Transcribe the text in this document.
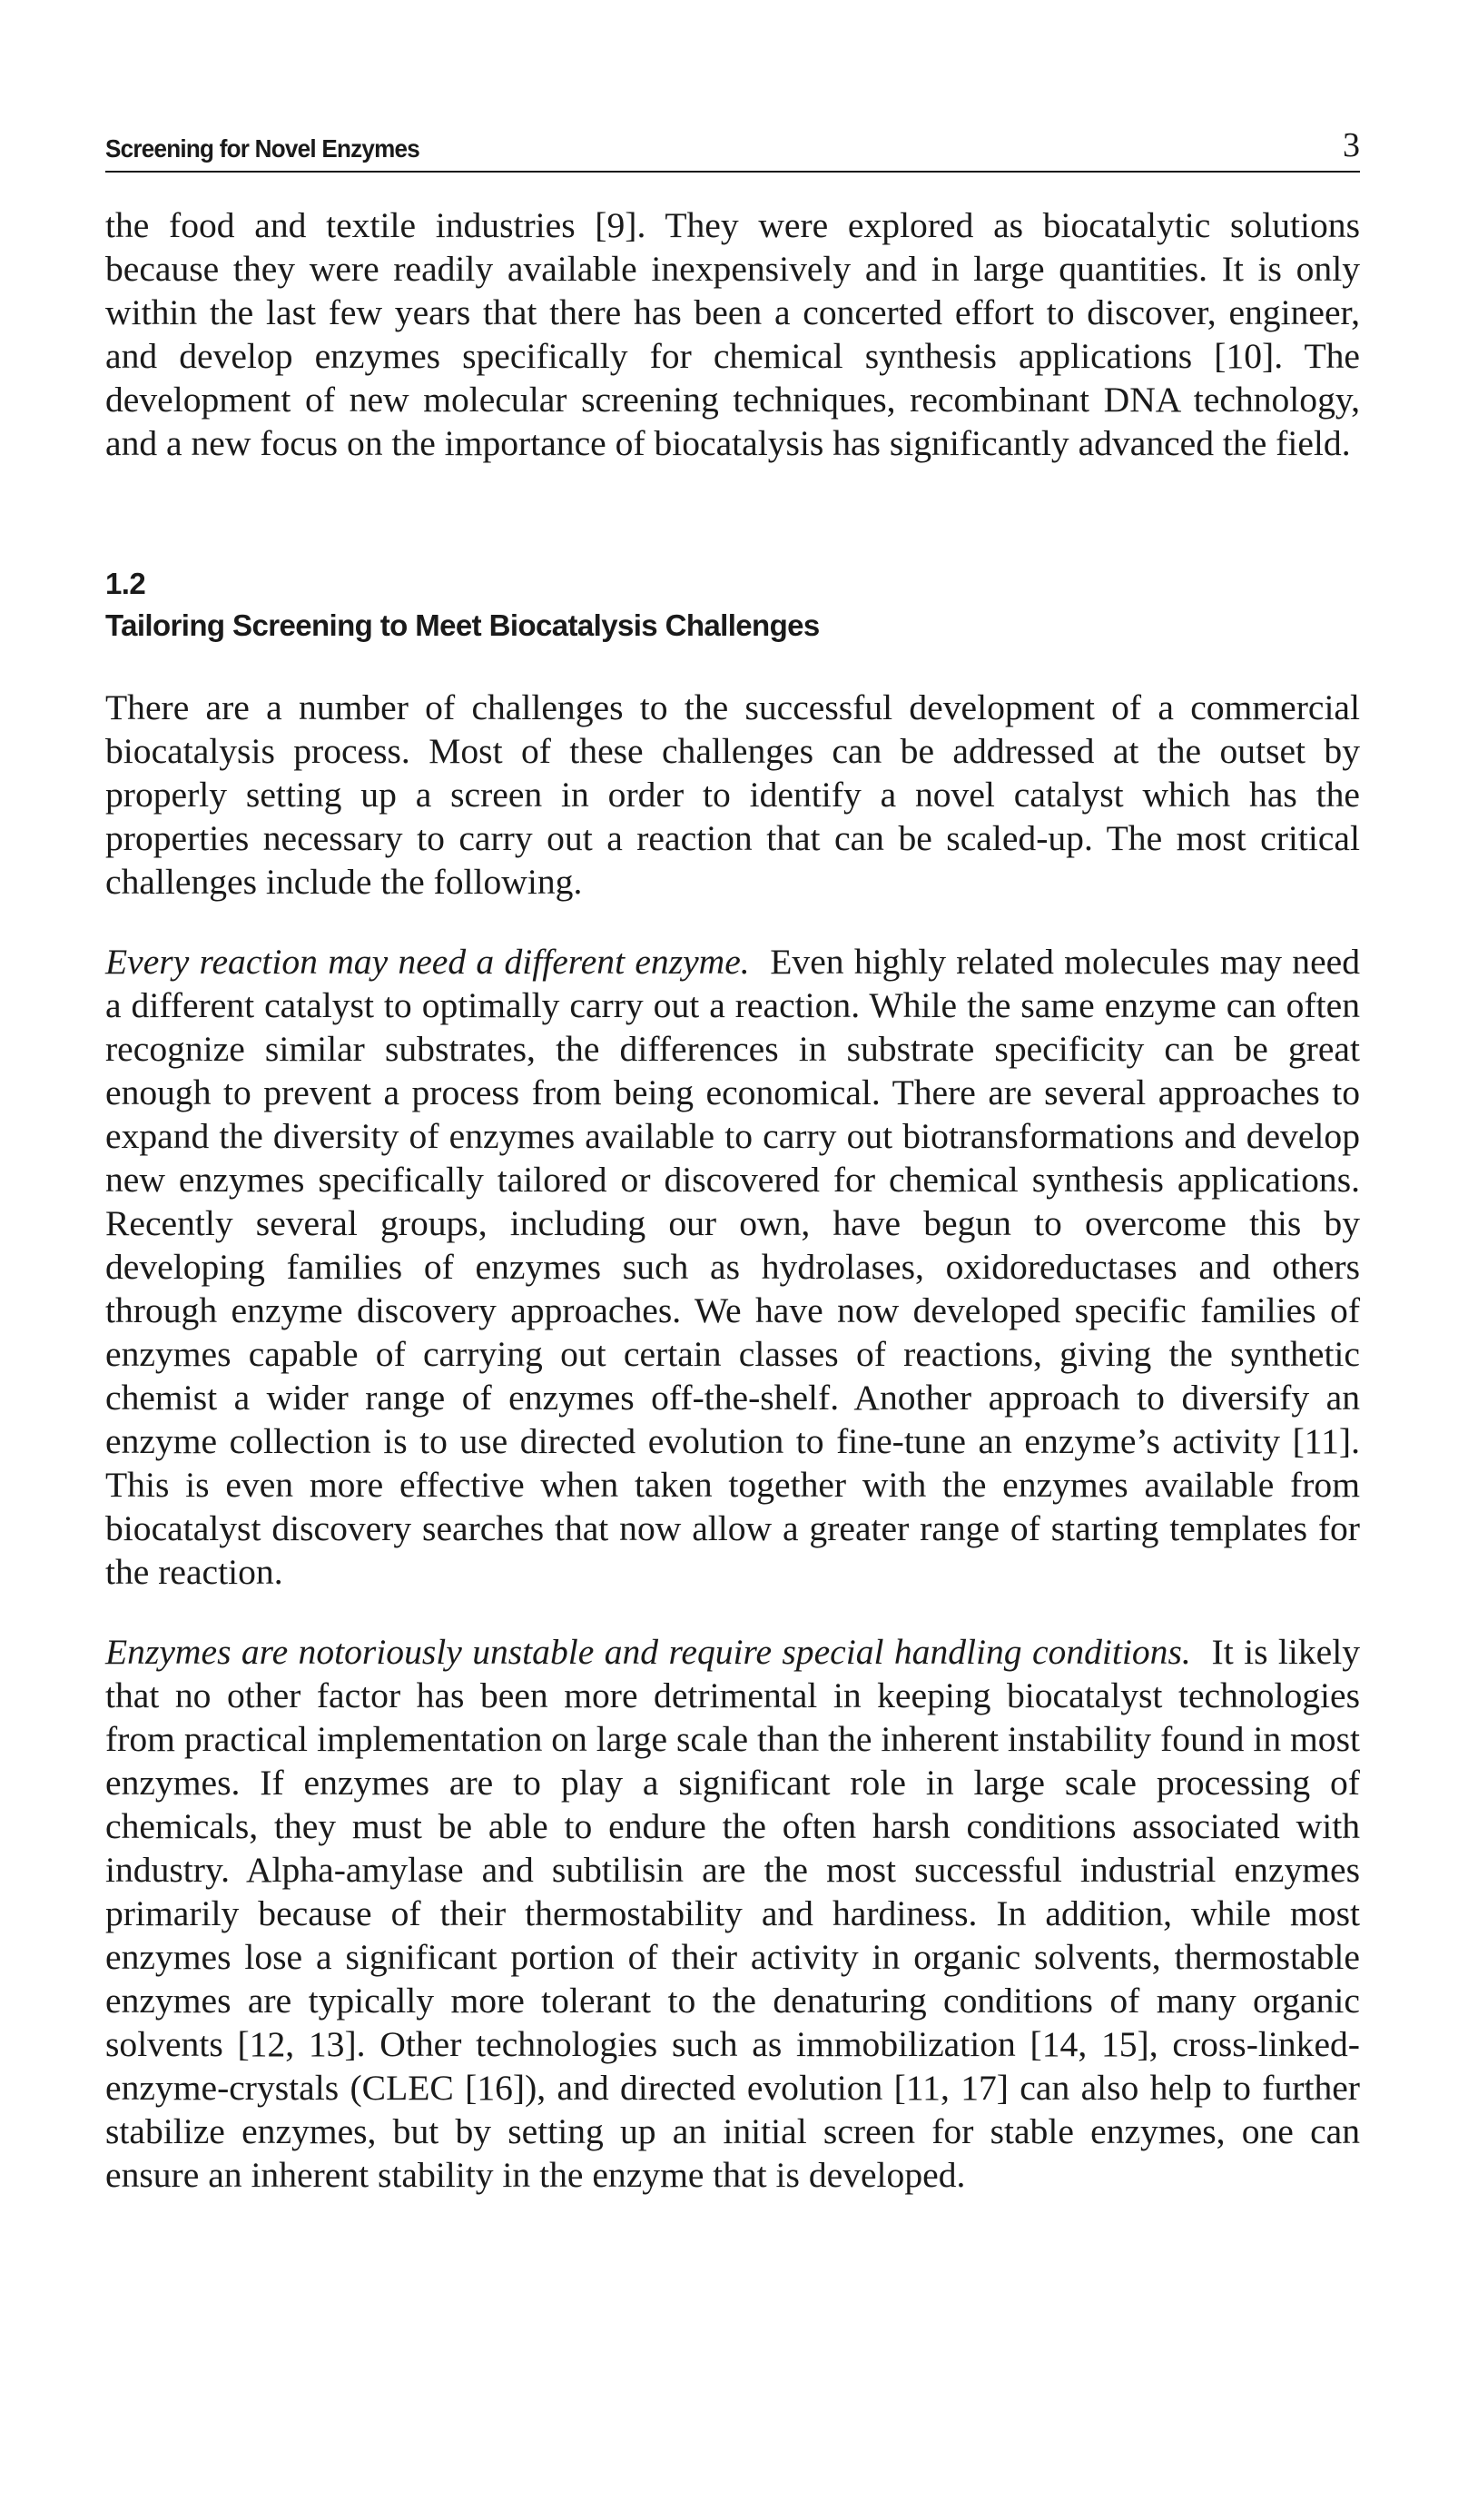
Screening for Novel Enzymes	3

the food and textile industries [9]. They were explored as biocatalytic solutions because they were readily available inexpensively and in large quantities. It is only within the last few years that there has been a concerted effort to discover, engineer, and develop enzymes specifically for chemical synthesis applications [10]. The development of new molecular screening techniques, recombinant DNA technology, and a new focus on the importance of biocatalysis has significantly advanced the field.

1.2
Tailoring Screening to Meet Biocatalysis Challenges

There are a number of challenges to the successful development of a commercial biocatalysis process. Most of these challenges can be addressed at the outset by properly setting up a screen in order to identify a novel catalyst which has the properties necessary to carry out a reaction that can be scaled-up. The most critical challenges include the following.

Every reaction may need a different enzyme. Even highly related molecules may need a different catalyst to optimally carry out a reaction. While the same enzyme can often recognize similar substrates, the differences in substrate specificity can be great enough to prevent a process from being economical. There are several approaches to expand the diversity of enzymes available to carry out biotransformations and develop new enzymes specifically tailored or discovered for chemical synthesis applications. Recently several groups, including our own, have begun to overcome this by developing families of enzymes such as hydrolases, oxidoreductases and others through enzyme discovery approaches. We have now developed specific families of enzymes capable of carrying out certain classes of reactions, giving the synthetic chemist a wider range of enzymes off-the-shelf. Another approach to diversify an enzyme collection is to use directed evolution to fine-tune an enzyme’s activity [11]. This is even more effective when taken together with the enzymes available from biocatalyst discovery searches that now allow a greater range of starting templates for the reaction.

Enzymes are notoriously unstable and require special handling conditions. It is likely that no other factor has been more detrimental in keeping biocatalyst technologies from practical implementation on large scale than the inherent instability found in most enzymes. If enzymes are to play a significant role in large scale processing of chemicals, they must be able to endure the often harsh conditions associated with industry. Alpha-amylase and subtilisin are the most successful industrial enzymes primarily because of their thermostability and hardiness. In addition, while most enzymes lose a significant portion of their activity in organic solvents, thermostable enzymes are typically more tolerant to the denaturing conditions of many organic solvents [12, 13]. Other technologies such as immobilization [14, 15], cross-linked-enzyme-crystals (CLEC [16]), and directed evolution [11, 17] can also help to further stabilize enzymes, but by setting up an initial screen for stable enzymes, one can ensure an inherent stability in the enzyme that is developed.
